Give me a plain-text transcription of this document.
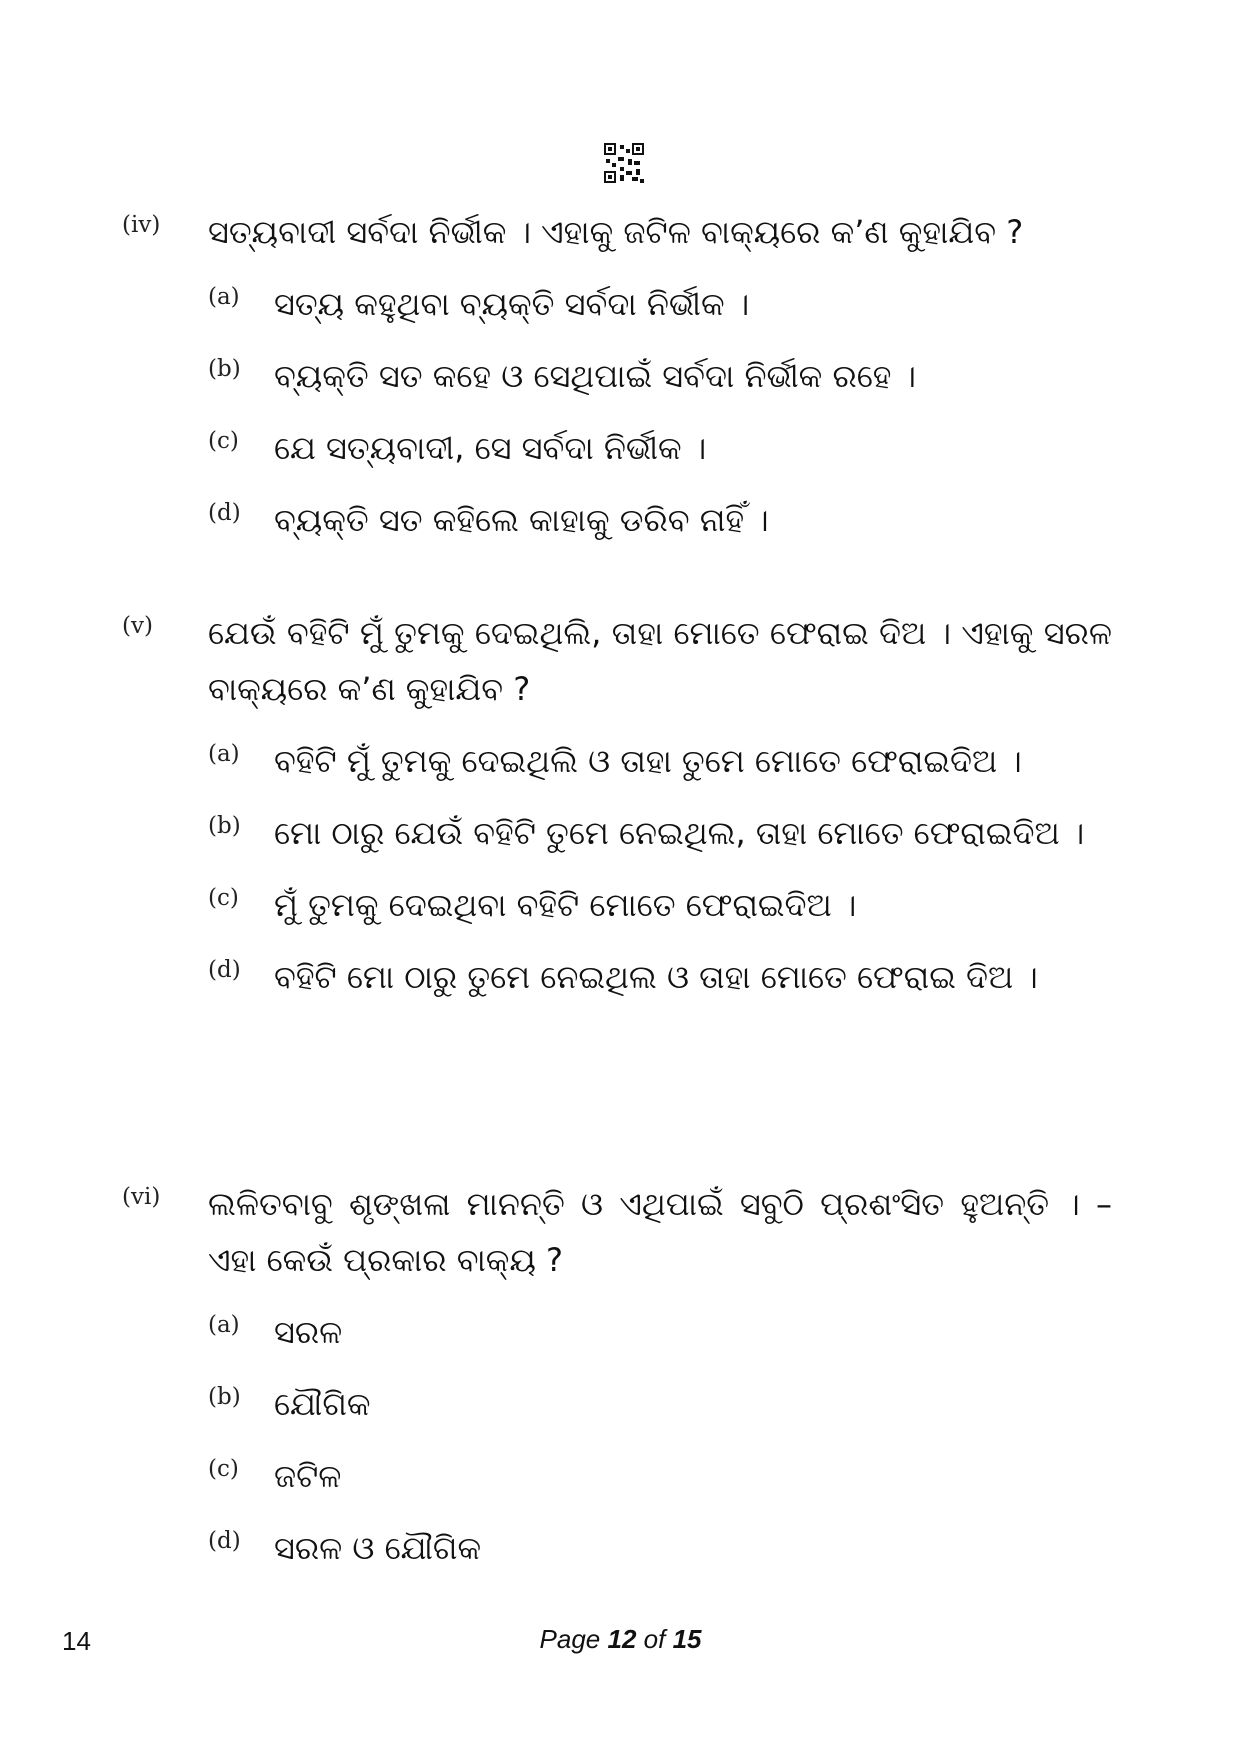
(iv)	ସତ୍ୟବାଦୀ ସର୍ବଦା ନିର୍ଭୀକ । ଏହାକୁ ଜଟିଳ ବାକ୍ୟରେ କ’ଣ କୁହାଯିବ ?
(a)	ସତ୍ୟ କହୁଥିବା ବ୍ୟକ୍ତି ସର୍ବଦା ନିର୍ଭୀକ ।
(b)	ବ୍ୟକ୍ତି ସତ କହେ ଓ ସେଥିପାଇଁ ସର୍ବଦା ନିର୍ଭୀକ ରହେ ।
(c)	ଯେ ସତ୍ୟବାଦୀ, ସେ ସର୍ବଦା ନିର୍ଭୀକ ।
(d)	ବ୍ୟକ୍ତି ସତ କହିଲେ କାହାକୁ ଡରିବ ନାହିଁ ।
(v)	ଯେଉଁ ବହିଟି ମୁଁ ତୁମକୁ ଦେଇଥିଲି, ତାହା ମୋତେ ଫେରାଇ ଦିଅ । ଏହାକୁ ସରଳ ବାକ୍ୟରେ କ’ଣ କୁହାଯିବ ?
(a)	ବହିଟି ମୁଁ ତୁମକୁ ଦେଇଥିଲି ଓ ତାହା ତୁମେ ମୋତେ ଫେରାଇଦିଅ ।
(b)	ମୋ ଠାରୁ ଯେଉଁ ବହିଟି ତୁମେ ନେଇଥିଲ, ତାହା ମୋତେ ଫେରାଇଦିଅ ।
(c)	ମୁଁ ତୁମକୁ ଦେଇଥିବା ବହିଟି ମୋତେ ଫେରାଇଦିଅ ।
(d)	ବହିଟି ମୋ ଠାରୁ ତୁମେ ନେଇଥିଲ ଓ ତାହା ମୋତେ ଫେରାଇ ଦିଅ ।
(vi)	ଲଳିତବାବୁ ଶୃଙ୍ଖଳା ମାନନ୍ତି ଓ ଏଥିପାଇଁ ସବୁଠି ପ୍ରଶଂସିତ ହୁଅନ୍ତି । – ଏହା କେଉଁ ପ୍ରକାର ବାକ୍ୟ ?
(a)	ସରଳ
(b)	ଯୌଗିକ
(c)	ଜଟିଳ
(d)	ସରଳ ଓ ଯୌଗିକ
14	Page 12 of 15
